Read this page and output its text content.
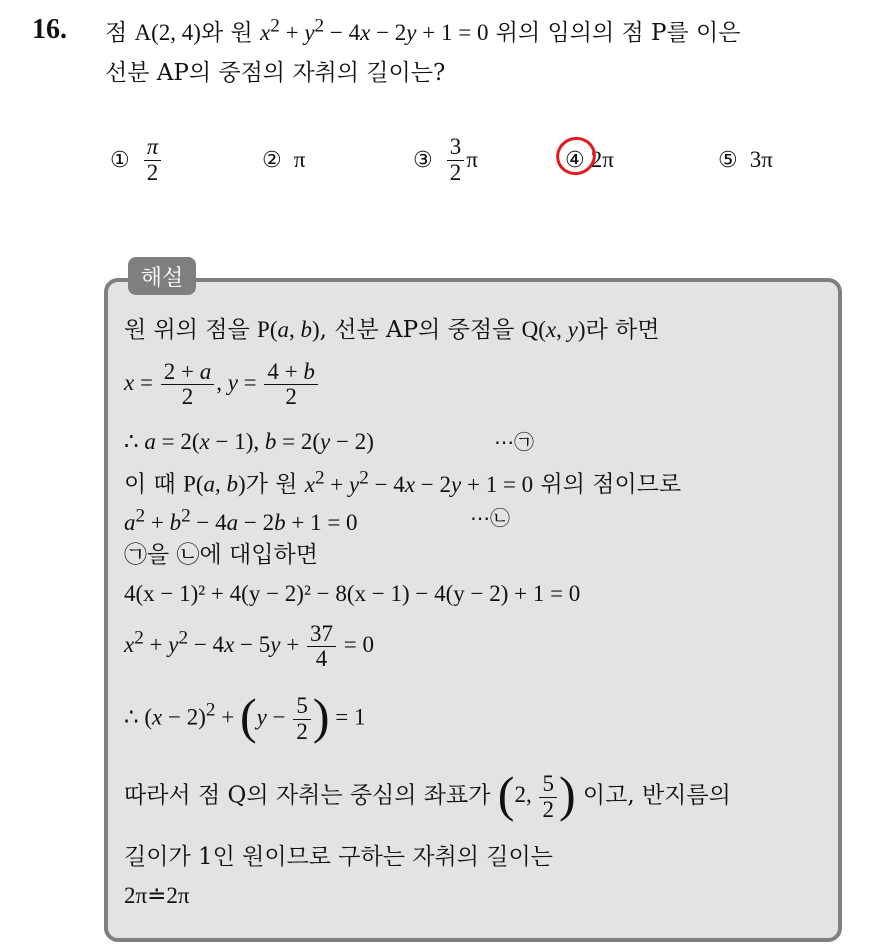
16. 점 A(2, 4)와 원 $x^2 + y^2 - 4x - 2y + 1 = 0$ 위의 임의의 점 P를 이은
선분 AP의 중점의 자취의 길이는?
① $\frac{\pi}{2}$	② π	③ $\frac{3}{2}$ π	④ 2π	⑤ 3π
해설
원 위의 점을 P(a, b), 선분 AP의 중점을 Q(x, y)라 하면
$x = \frac{2 + a}{2}$ , $y = \frac{4 + b}{2}$
∴ a = 2(x − 1), b = 2(y − 2)	⋯㉠
이 때 P(a, b)가 원 $x^2 + y^2 - 4x - 2y + 1 = 0$ 위의 점이므로
$a^2 + b^2 - 4a - 2b + 1 = 0$	⋯㉡
㉠을 ㉡에 대입하면
4(x − 1)² + 4(y − 2)² − 8(x − 1) − 4(y − 2) + 1 = 0
$x^2 + y^2 - 4x - 5y + \frac{37}{4} = 0$
∴ $(x - 2)^2 + (y - \frac{5}{2}$ ) = 1
따라서 점 Q의 자취는 중심의 좌표가 (2, $\frac{5}{2}$ ) 이고, 반지름의
길이가 1인 원이므로 구하는 자취의 길이는
2π≐2π
